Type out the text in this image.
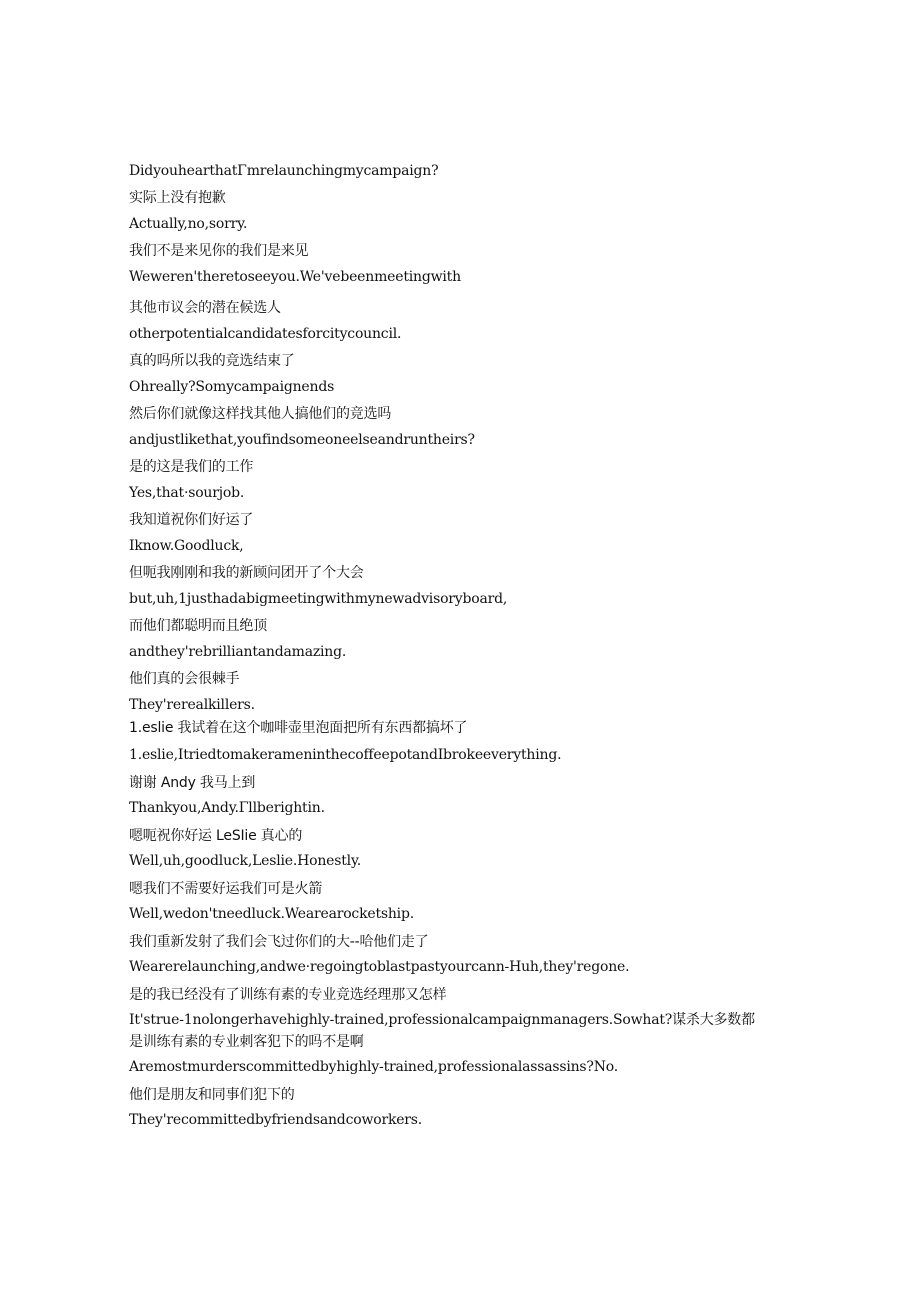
DidyouhearthatΓmrelaunchingmycampaign?
实际上没有抱歉
Actually,no,sorry.
我们不是来见你的我们是来见
Weweren'theretoseeyou.We'vebeenmeetingwith
其他市议会的潜在候选人
otherpotentialcandidatesforcitycouncil.
真的吗所以我的竞选结束了
Ohreally?Somycampaignends
然后你们就像这样找其他人搞他们的竞选吗
andjustlikethat,youfindsomeoneelseandruntheirs?
是的这是我们的工作
Yes,that·sourjob.
我知道祝你们好运了
Iknow.Goodluck,
但呃我刚刚和我的新顾问团开了个大会
but,uh,1justhadabigmeetingwithmynewadvisoryboard,
而他们都聪明而且绝顶
andthey'rebrilliantandamazing.
他们真的会很棘手
They'rerealkillers.
1.eslie 我试着在这个咖啡壶里泡面把所有东西都搞坏了
1.eslie,ItriedtomakerameninthecoffeepotandIbrokeeverything.
谢谢 Andy 我马上到
Thankyou,Andy.Γllberightin.
嗯呃祝你好运 LeSIie 真心的
Well,uh,goodluck,Leslie.Honestly.
嗯我们不需要好运我们可是火箭
Well,wedon'tneedluck.Wearearocketship.
我们重新发射了我们会飞过你们的大--哈他们走了
Wearerelaunching,andwe·regoingtoblastpastyourcann-Huh,they'regone.
是的我已经没有了训练有素的专业竞选经理那又怎样
It'strue-1nolongerhavehighly-trained,professionalcampaignmanagers.Sowhat?谋杀大多数都
是训练有素的专业刺客犯下的吗不是啊
Aremostmurderscommittedbyhighly-trained,professionalassassins?No.
他们是朋友和同事们犯下的
They'recommittedbyfriendsandcoworkers.
